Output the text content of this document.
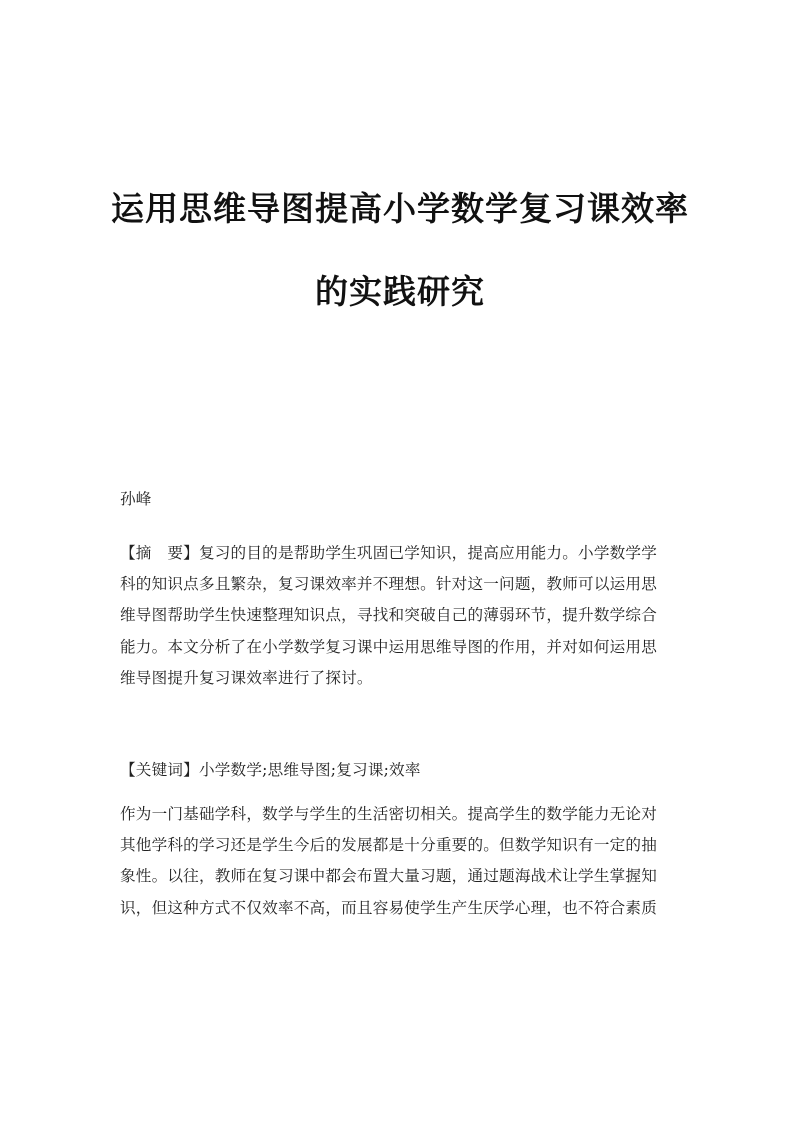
运用思维导图提高小学数学复习课效率
的实践研究
孙峰
【摘　要】复习的目的是帮助学生巩固已学知识，提高应用能力。小学数学学
科的知识点多且繁杂，复习课效率并不理想。针对这一问题，教师可以运用思
维导图帮助学生快速整理知识点，寻找和突破自己的薄弱环节，提升数学综合
能力。本文分析了在小学数学复习课中运用思维导图的作用，并对如何运用思
维导图提升复习课效率进行了探讨。
【关键词】小学数学;思维导图;复习课;效率
作为一门基础学科，数学与学生的生活密切相关。提高学生的数学能力无论对
其他学科的学习还是学生今后的发展都是十分重要的。但数学知识有一定的抽
象性。以往，教师在复习课中都会布置大量习题，通过题海战术让学生掌握知
识，但这种方式不仅效率不高，而且容易使学生产生厌学心理，也不符合素质
